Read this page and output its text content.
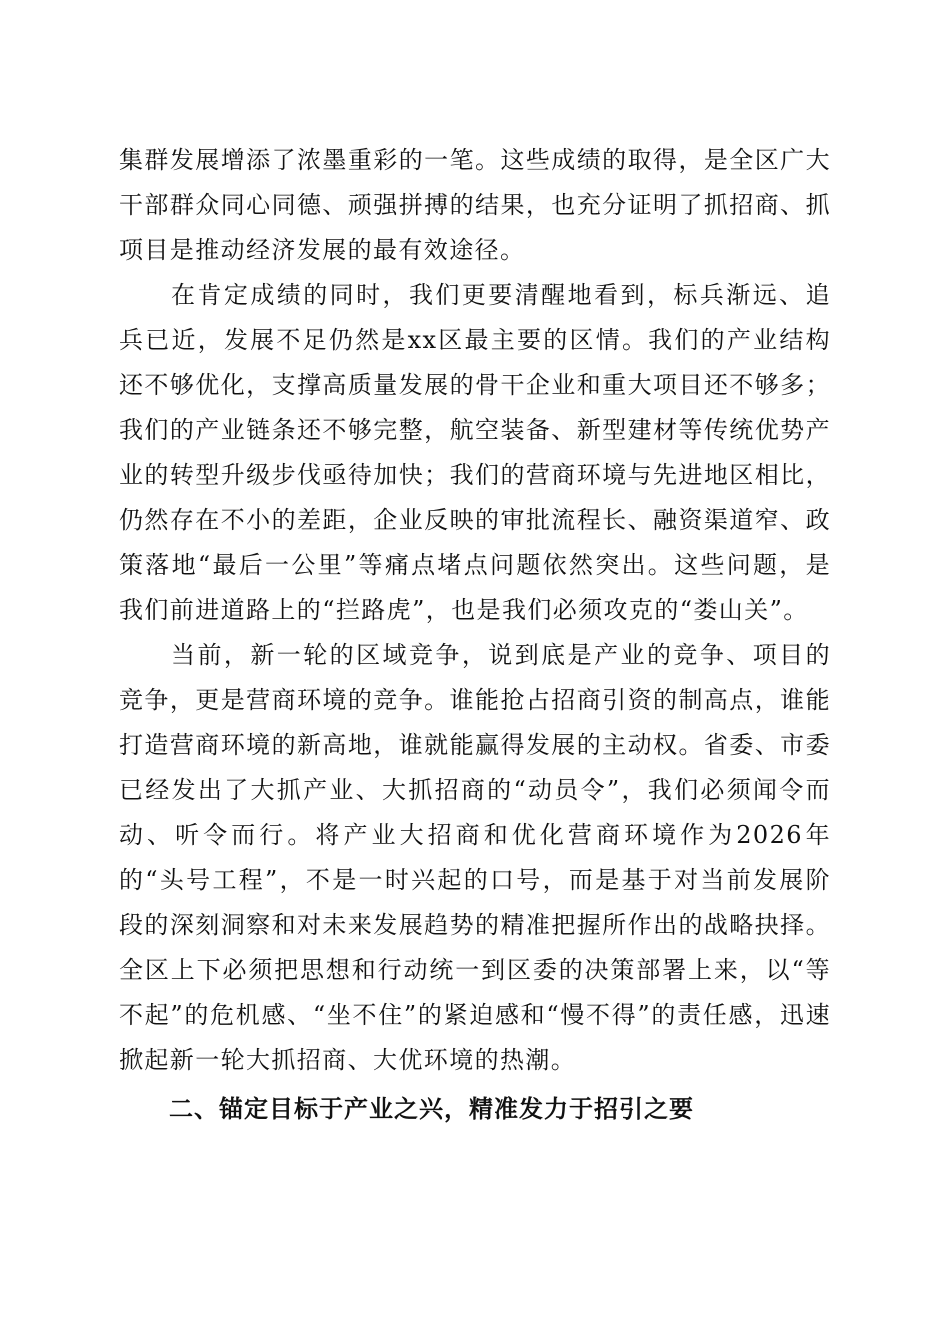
集群发展增添了浓墨重彩的一笔。这些成绩的取得，是全区广大干部群众同心同德、顽强拼搏的结果，也充分证明了抓招商、抓项目是推动经济发展的最有效途径。

在肯定成绩的同时，我们更要清醒地看到，标兵渐远、追兵已近，发展不足仍然是xx区最主要的区情。我们的产业结构还不够优化，支撑高质量发展的骨干企业和重大项目还不够多；我们的产业链条还不够完整，航空装备、新型建材等传统优势产业的转型升级步伐亟待加快；我们的营商环境与先进地区相比，仍然存在不小的差距，企业反映的审批流程长、融资渠道窄、政策落地“最后一公里”等痛点堵点问题依然突出。这些问题，是我们前进道路上的“拦路虎”，也是我们必须攻克的“娄山关”。

当前，新一轮的区域竞争，说到底是产业的竞争、项目的竞争，更是营商环境的竞争。谁能抢占招商引资的制高点，谁能打造营商环境的新高地，谁就能赢得发展的主动权。省委、市委已经发出了大抓产业、大抓招商的“动员令”，我们必须闻令而动、听令而行。将产业大招商和优化营商环境作为2026年的“头号工程”，不是一时兴起的口号，而是基于对当前发展阶段的深刻洞察和对未来发展趋势的精准把握所作出的战略抉择。全区上下必须把思想和行动统一到区委的决策部署上来，以“等不起”的危机感、“坐不住”的紧迫感和“慢不得”的责任感，迅速掀起新一轮大抓招商、大优环境的热潮。

二、锚定目标于产业之兴，精准发力于招引之要
